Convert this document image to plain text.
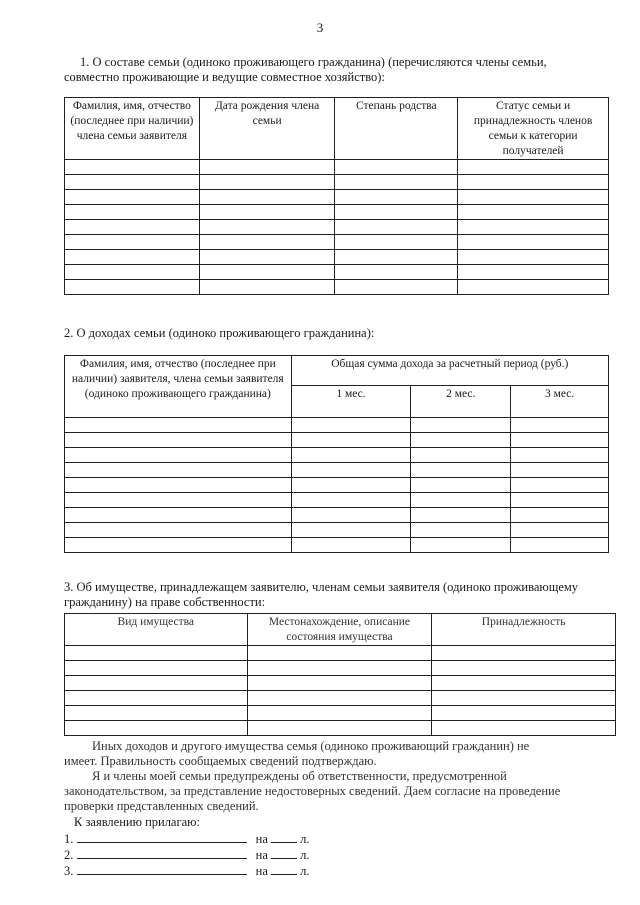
3
1. О составе семьи (одиноко проживающего гражданина) (перечисляются члены семьи,
совместно проживающие и ведущие совместное хозяйство):
Фамилия, имя, отчество (последнее при наличии) члена семьи заявителя	Дата рождения члена семьи	Степань родства	Статус семьи и принадлежность членов семьи к категории получателей

2. О доходах семьи (одиноко проживающего гражданина):
Фамилия, имя, отчество (последнее при наличии) заявителя, члена семьи заявителя (одиноко проживающего гражданина)	Общая сумма дохода за расчетный период (руб.)		
	1 мес.	2 мес.	3 мес.

3. Об имуществе, принадлежащем заявителю, членам семьи заявителя (одиноко проживающему
гражданину) на праве собственности:
Вид имущества	Местонахождение, описание состояния имущества	Принадлежность

Иных доходов и другого имущества семья (одиноко проживающий гражданин) не
имеет. Правильность сообщаемых сведений подтверждаю.
Я и члены моей семьи предупреждены об ответственности, предусмотренной
законодательством, за представление недостоверных сведений. Даем согласие на проведение
проверки представленных сведений.
К заявлению прилагаю:
1.	на	л.
2.	на	л.
3.	на	л.
